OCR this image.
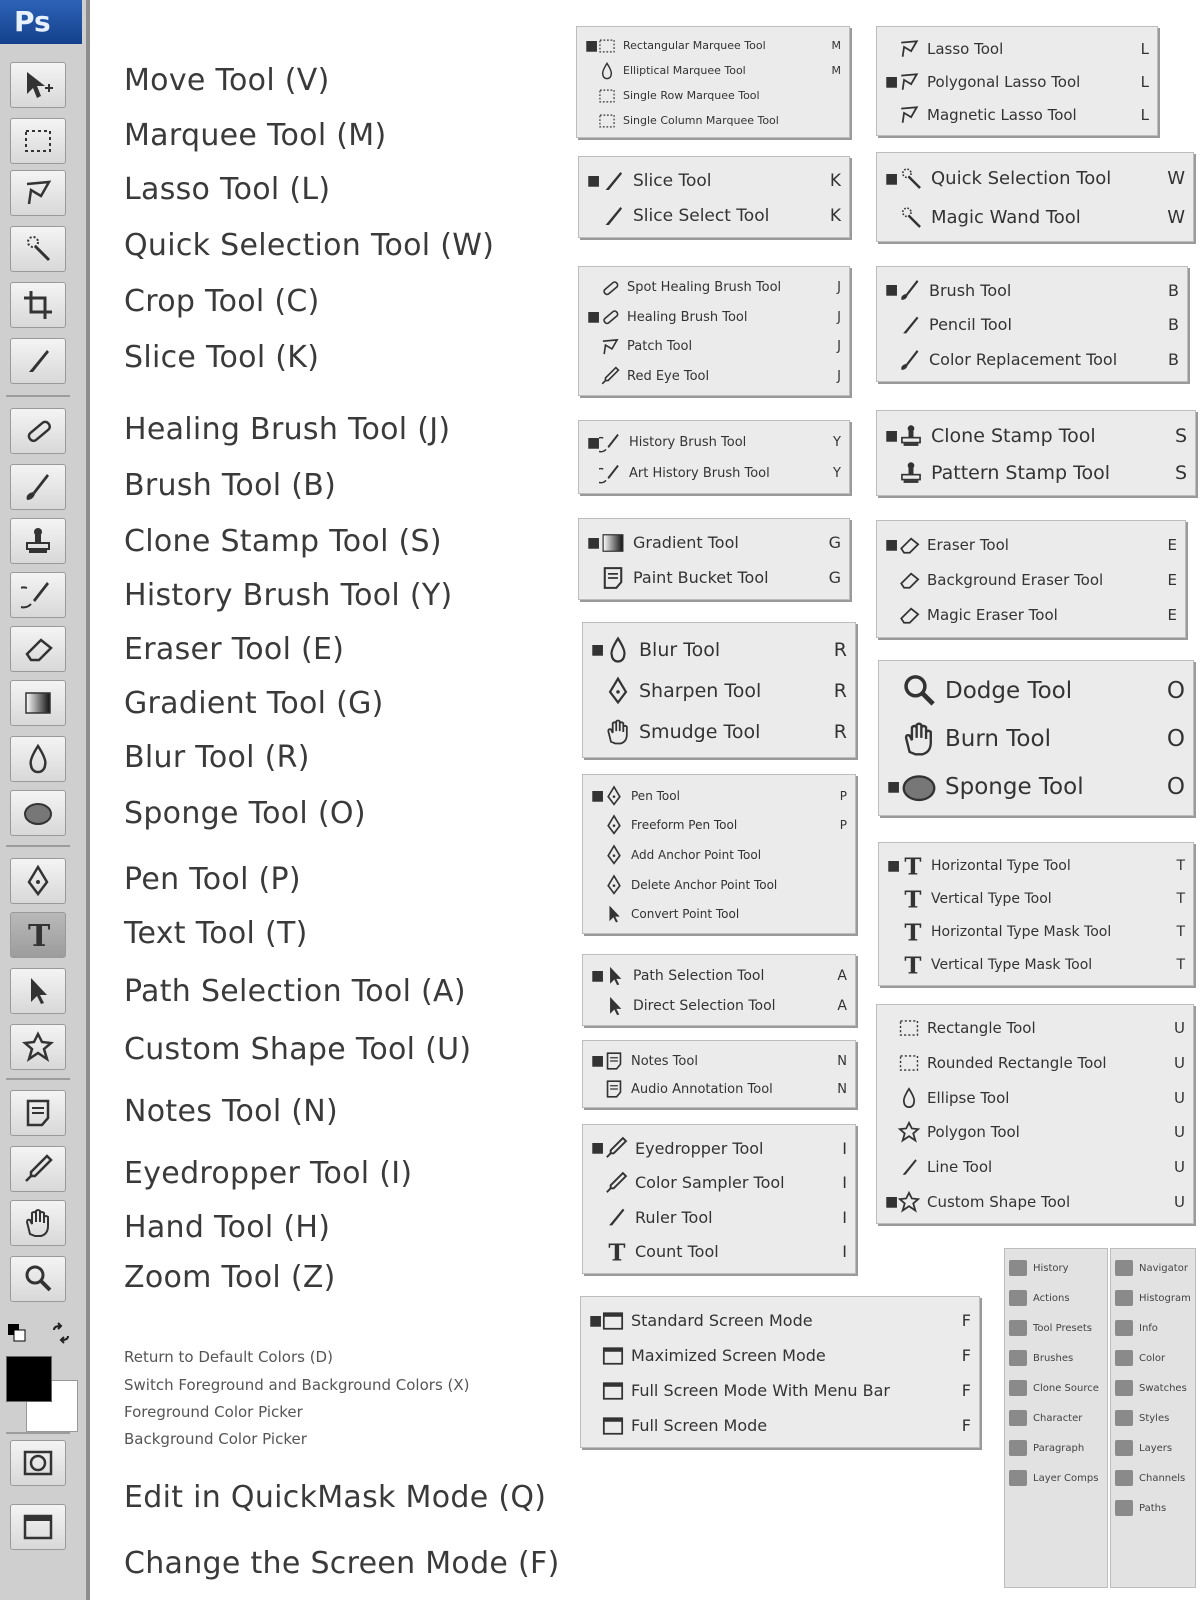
Ps
T
Move Tool (V)
Marquee Tool (M)
Lasso Tool (L)
Quick Selection Tool (W)
Crop Tool (C)
Slice Tool (K)
Healing Brush Tool (J)
Brush Tool (B)
Clone Stamp Tool (S)
History Brush Tool (Y)
Eraser Tool (E)
Gradient Tool (G)
Blur Tool (R)
Sponge Tool (O)
Pen Tool (P)
Text Tool (T)
Path Selection Tool (A)
Custom Shape Tool (U)
Notes Tool (N)
Eyedropper Tool (I)
Hand Tool (H)
Zoom Tool (Z)
Return to Default Colors (D)
Switch Foreground and Background Colors (X)
Foreground Color Picker
Background Color Picker
Edit in QuickMask Mode (Q)
Change the Screen Mode (F)
■ Rectangular Marquee Tool	M
Elliptical Marquee Tool	M
Single Row Marquee Tool
Single Column Marquee Tool
Lasso Tool	L
■ Polygonal Lasso Tool	L
Magnetic Lasso Tool	L
■ Slice Tool	K
Slice Select Tool	K
■ Quick Selection Tool	W
Magic Wand Tool	W
Spot Healing Brush Tool	J
■ Healing Brush Tool	J
Patch Tool	J
Red Eye Tool	J
■ Brush Tool	B
Pencil Tool	B
Color Replacement Tool	B
■ History Brush Tool	Y
Art History Brush Tool	Y
■ Clone Stamp Tool	S
Pattern Stamp Tool	S
■ Gradient Tool	G
Paint Bucket Tool	G
■ Eraser Tool	E
Background Eraser Tool	E
Magic Eraser Tool	E
■ Blur Tool	R
Sharpen Tool	R
Smudge Tool	R
Dodge Tool	O
Burn Tool	O
■ Sponge Tool	O
■ Pen Tool	P
Freeform Pen Tool	P
Add Anchor Point Tool
Delete Anchor Point Tool
Convert Point Tool
■ T Horizontal Type Tool	T
T Vertical Type Tool	T
T Horizontal Type Mask Tool	T
T Vertical Type Mask Tool	T
■ Path Selection Tool	A
Direct Selection Tool	A
■ Notes Tool	N
Audio Annotation Tool	N
Rectangle Tool	U
Rounded Rectangle Tool	U
Ellipse Tool	U
Polygon Tool	U
Line Tool	U
■ Custom Shape Tool	U
■ Eyedropper Tool	I
Color Sampler Tool	I
Ruler Tool	I
T Count Tool	I
■ Standard Screen Mode	F
Maximized Screen Mode	F
Full Screen Mode With Menu Bar	F
Full Screen Mode	F
History
Actions
Tool Presets
Brushes
Clone Source
Character
Paragraph
Layer Comps
Navigator
Histogram
Info
Color
Swatches
Styles
Layers
Channels
Paths
